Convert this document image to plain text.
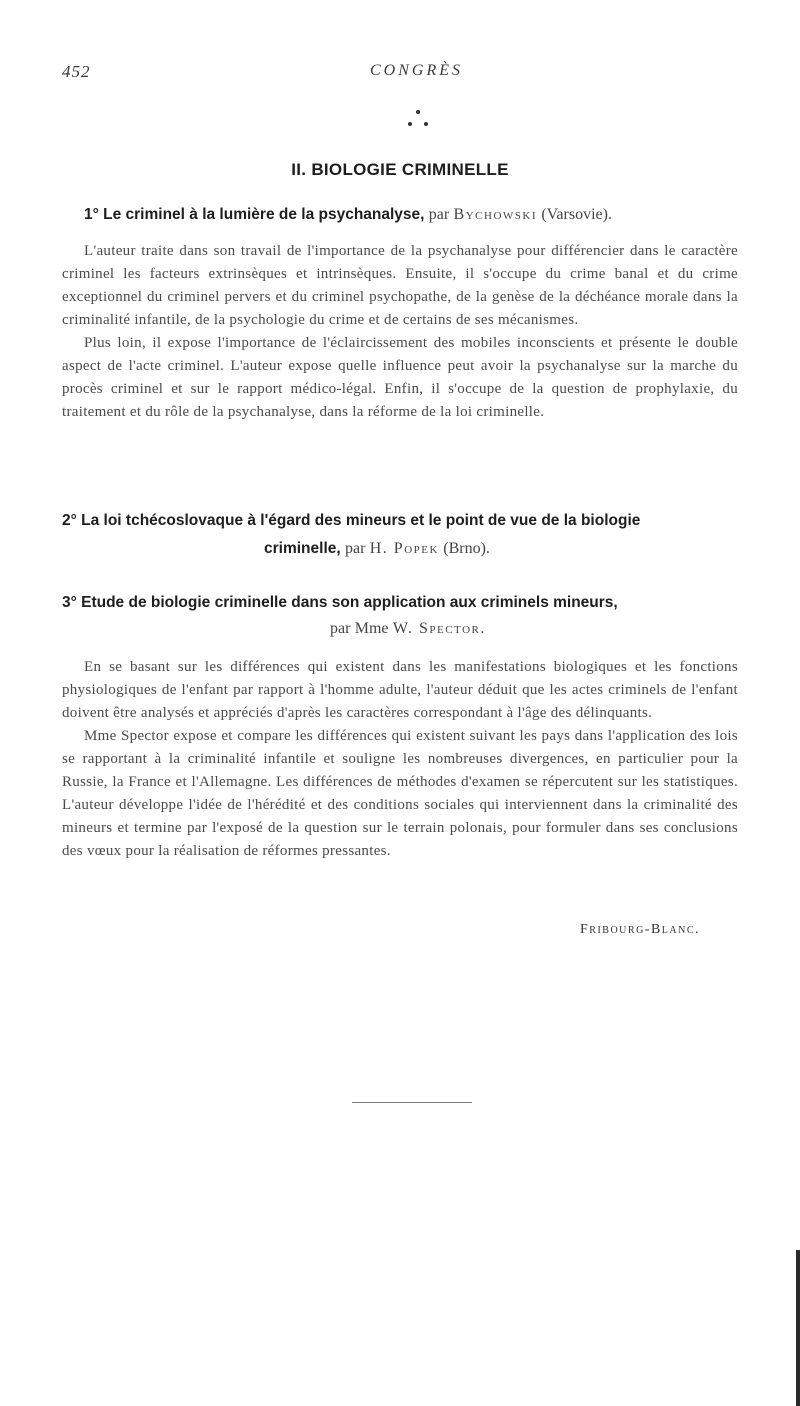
452	CONGRÈS
II. BIOLOGIE CRIMINELLE
1° Le criminel à la lumière de la psychanalyse, par Bychowski (Varsovie).

L'auteur traite dans son travail de l'importance de la psychanalyse pour différencier dans le caractère criminel les facteurs extrinsèques et intrinsèques. Ensuite, il s'occupe du crime banal et du crime exceptionnel du criminel pervers et du criminel psychopathe, de la genèse de la déchéance morale dans la criminalité infantile, de la psychologie du crime et de certains de ses mécanismes.

Plus loin, il expose l'importance de l'éclaircissement des mobiles inconscients et présente le double aspect de l'acte criminel. L'auteur expose quelle influence peut avoir la psychanalyse sur la marche du procès criminel et sur le rapport médico-légal. Enfin, il s'occupe de la question de prophylaxie, du traitement et du rôle de la psychanalyse, dans la réforme de la loi criminelle.

2° La loi tchécoslovaque à l'égard des mineurs et le point de vue de la biologie
criminelle, par H. Popek (Brno).
3° Etude de biologie criminelle dans son application aux criminels mineurs,
par Mme W. Spector.

En se basant sur les différences qui existent dans les manifestations biologiques et les fonctions physiologiques de l'enfant par rapport à l'homme adulte, l'auteur déduit que les actes criminels de l'enfant doivent être analysés et appréciés d'après les caractères correspondant à l'âge des délinquants.

Mme Spector expose et compare les différences qui existent suivant les pays dans l'application des lois se rapportant à la criminalité infantile et souligne les nombreuses divergences, en particulier pour la Russie, la France et l'Allemagne. Les différences de méthodes d'examen se répercutent sur les statistiques. L'auteur développe l'idée de l'hérédité et des conditions sociales qui interviennent dans la criminalité des mineurs et termine par l'exposé de la question sur le terrain polonais, pour formuler dans ses conclusions des vœux pour la réalisation de réformes pressantes.

Fribourg-Blanc.
